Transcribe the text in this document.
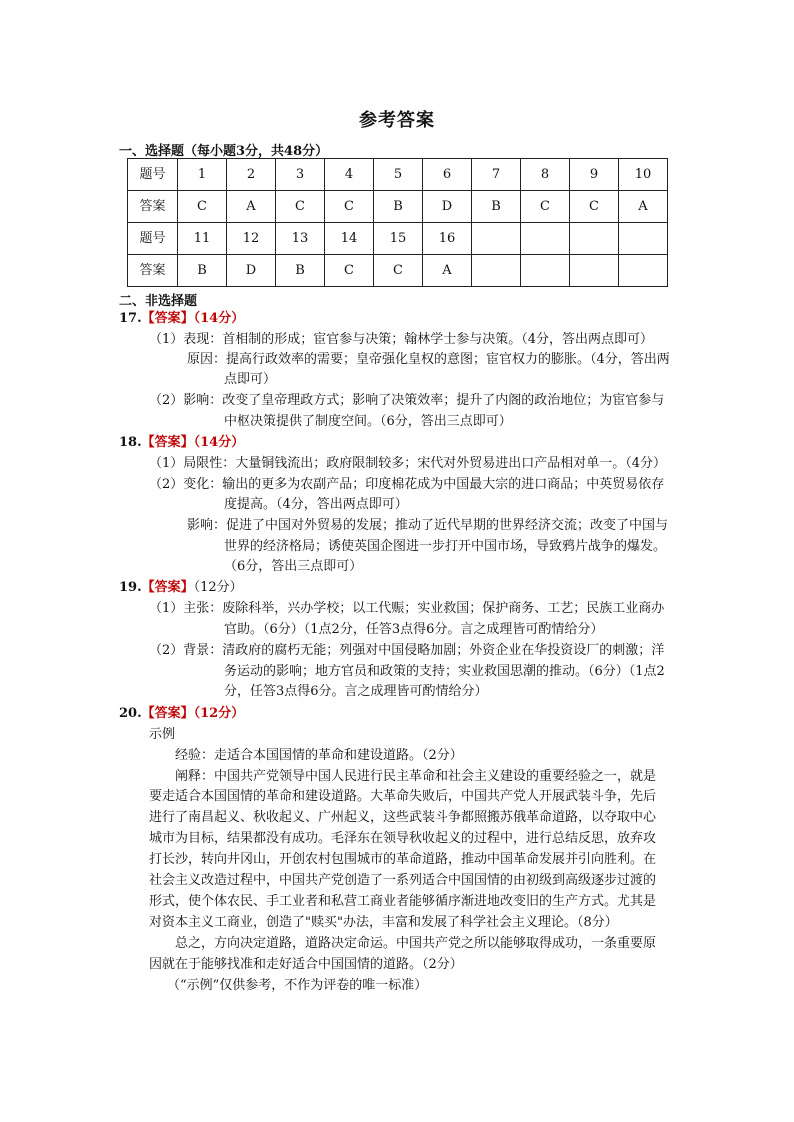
参考答案
一、选择题（每小题3分，共48分）
题号	1	2	3	4	5	6	7	8	9	10
答案	C	A	C	C	B	D	B	C	C	A
题号	11	12	13	14	15	16				
答案	B	D	B	C	C	A				
二、非选择题
17.【答案】（14分）
（1）表现：首相制的形成；宦官参与决策；翰林学士参与决策。（4分，答出两点即可）
原因：提高行政效率的需要；皇帝强化皇权的意图；宦官权力的膨胀。（4分，答出两
点即可）
（2）影响：改变了皇帝理政方式；影响了决策效率；提升了内阁的政治地位；为宦官参与
中枢决策提供了制度空间。（6分，答出三点即可）
18.【答案】（14分）
（1）局限性：大量铜钱流出；政府限制较多；宋代对外贸易进出口产品相对单一。（4分）
（2）变化：输出的更多为农副产品；印度棉花成为中国最大宗的进口商品；中英贸易依存
度提高。（4分，答出两点即可）
影响：促进了中国对外贸易的发展；推动了近代早期的世界经济交流；改变了中国与
世界的经济格局；诱使英国企图进一步打开中国市场，导致鸦片战争的爆发。
（6分，答出三点即可）
19.【答案】（12分）
（1）主张：废除科举，兴办学校；以工代赈；实业救国；保护商务、工艺；民族工业商办
官助。（6分）（1点2分，任答3点得6分。言之成理皆可酌情给分）
（2）背景：清政府的腐朽无能；列强对中国侵略加剧；外资企业在华投资设厂的刺激；洋
务运动的影响；地方官员和政策的支持；实业救国思潮的推动。（6分）（1点2
分，任答3点得6分。言之成理皆可酌情给分）
20.【答案】（12分）
示例
经验：走适合本国国情的革命和建设道路。（2分）
阐释：中国共产党领导中国人民进行民主革命和社会主义建设的重要经验之一，就是
要走适合本国国情的革命和建设道路。大革命失败后，中国共产党人开展武装斗争，先后
进行了南昌起义、秋收起义、广州起义，这些武装斗争都照搬苏俄革命道路，以夺取中心
城市为目标，结果都没有成功。毛泽东在领导秋收起义的过程中，进行总结反思，放弃攻
打长沙，转向井冈山，开创农村包围城市的革命道路，推动中国革命发展并引向胜利。在
社会主义改造过程中，中国共产党创造了一系列适合中国国情的由初级到高级逐步过渡的
形式，使个体农民、手工业者和私营工商业者能够循序渐进地改变旧的生产方式。尤其是
对资本主义工商业，创造了"赎买"办法，丰富和发展了科学社会主义理论。（8分）
总之，方向决定道路，道路决定命运。中国共产党之所以能够取得成功，一条重要原
因就在于能够找准和走好适合中国国情的道路。（2分）
（“示例”仅供参考，不作为评卷的唯一标准）
